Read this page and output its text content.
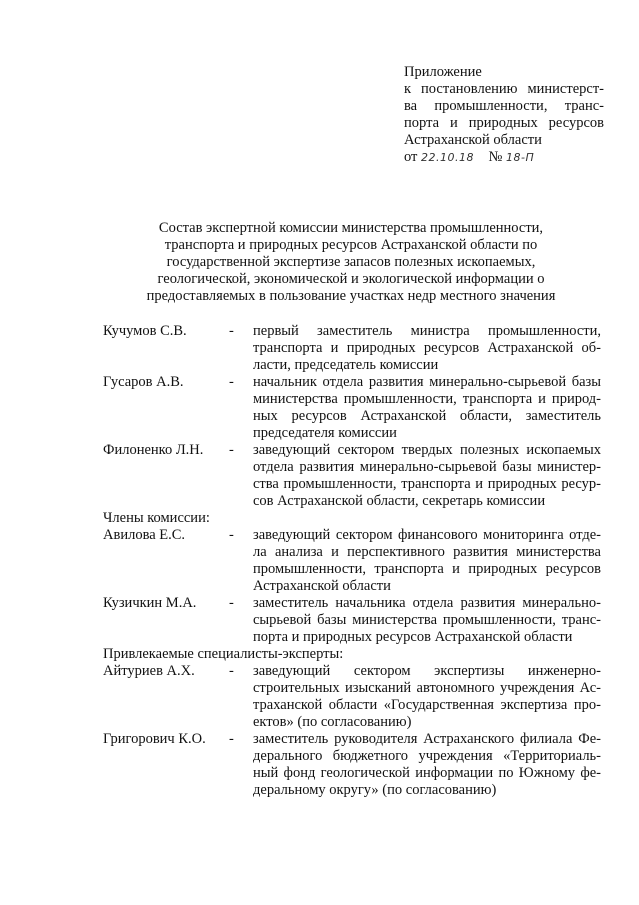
Приложение
к постановлению министерст-
ва промышленности, транс-
порта и природных ресурсов
Астраханской области
от 22.10.18 № 18-П
Состав экспертной комиссии министерства промышленности,
транспорта и природных ресурсов Астраханской области по
государственной экспертизе запасов полезных ископаемых,
геологической, экономической и экологической информации о
предоставляемых в пользование участках недр местного значения
Кучумов С.В.	-	первый заместитель министра промышленности,
транспорта и природных ресурсов Астраханской об-
ласти, председатель комиссии
Гусаров А.В.	-	начальник отдела развития минерально-сырьевой базы
министерства промышленности, транспорта и природ-
ных ресурсов Астраханской области, заместитель
председателя комиссии
Филоненко Л.Н.	-	заведующий сектором твердых полезных ископаемых
отдела развития минерально-сырьевой базы министер-
ства промышленности, транспорта и природных ресур-
сов Астраханской области, секретарь комиссии
Члены комиссии:
Авилова Е.С.	-	заведующий сектором финансового мониторинга отде-
ла анализа и перспективного развития министерства
промышленности, транспорта и природных ресурсов
Астраханской области
Кузичкин М.А.	-	заместитель начальника отдела развития минерально-
сырьевой базы министерства промышленности, транс-
порта и природных ресурсов Астраханской области
Привлекаемые специалисты-эксперты:
Айтуриев А.Х.	-	заведующий сектором экспертизы инженерно-
строительных изысканий автономного учреждения Ас-
траханской области «Государственная экспертиза про-
ектов» (по согласованию)
Григорович К.О.	-	заместитель руководителя Астраханского филиала Фе-
дерального бюджетного учреждения «Территориаль-
ный фонд геологической информации по Южному фе-
деральному округу» (по согласованию)
